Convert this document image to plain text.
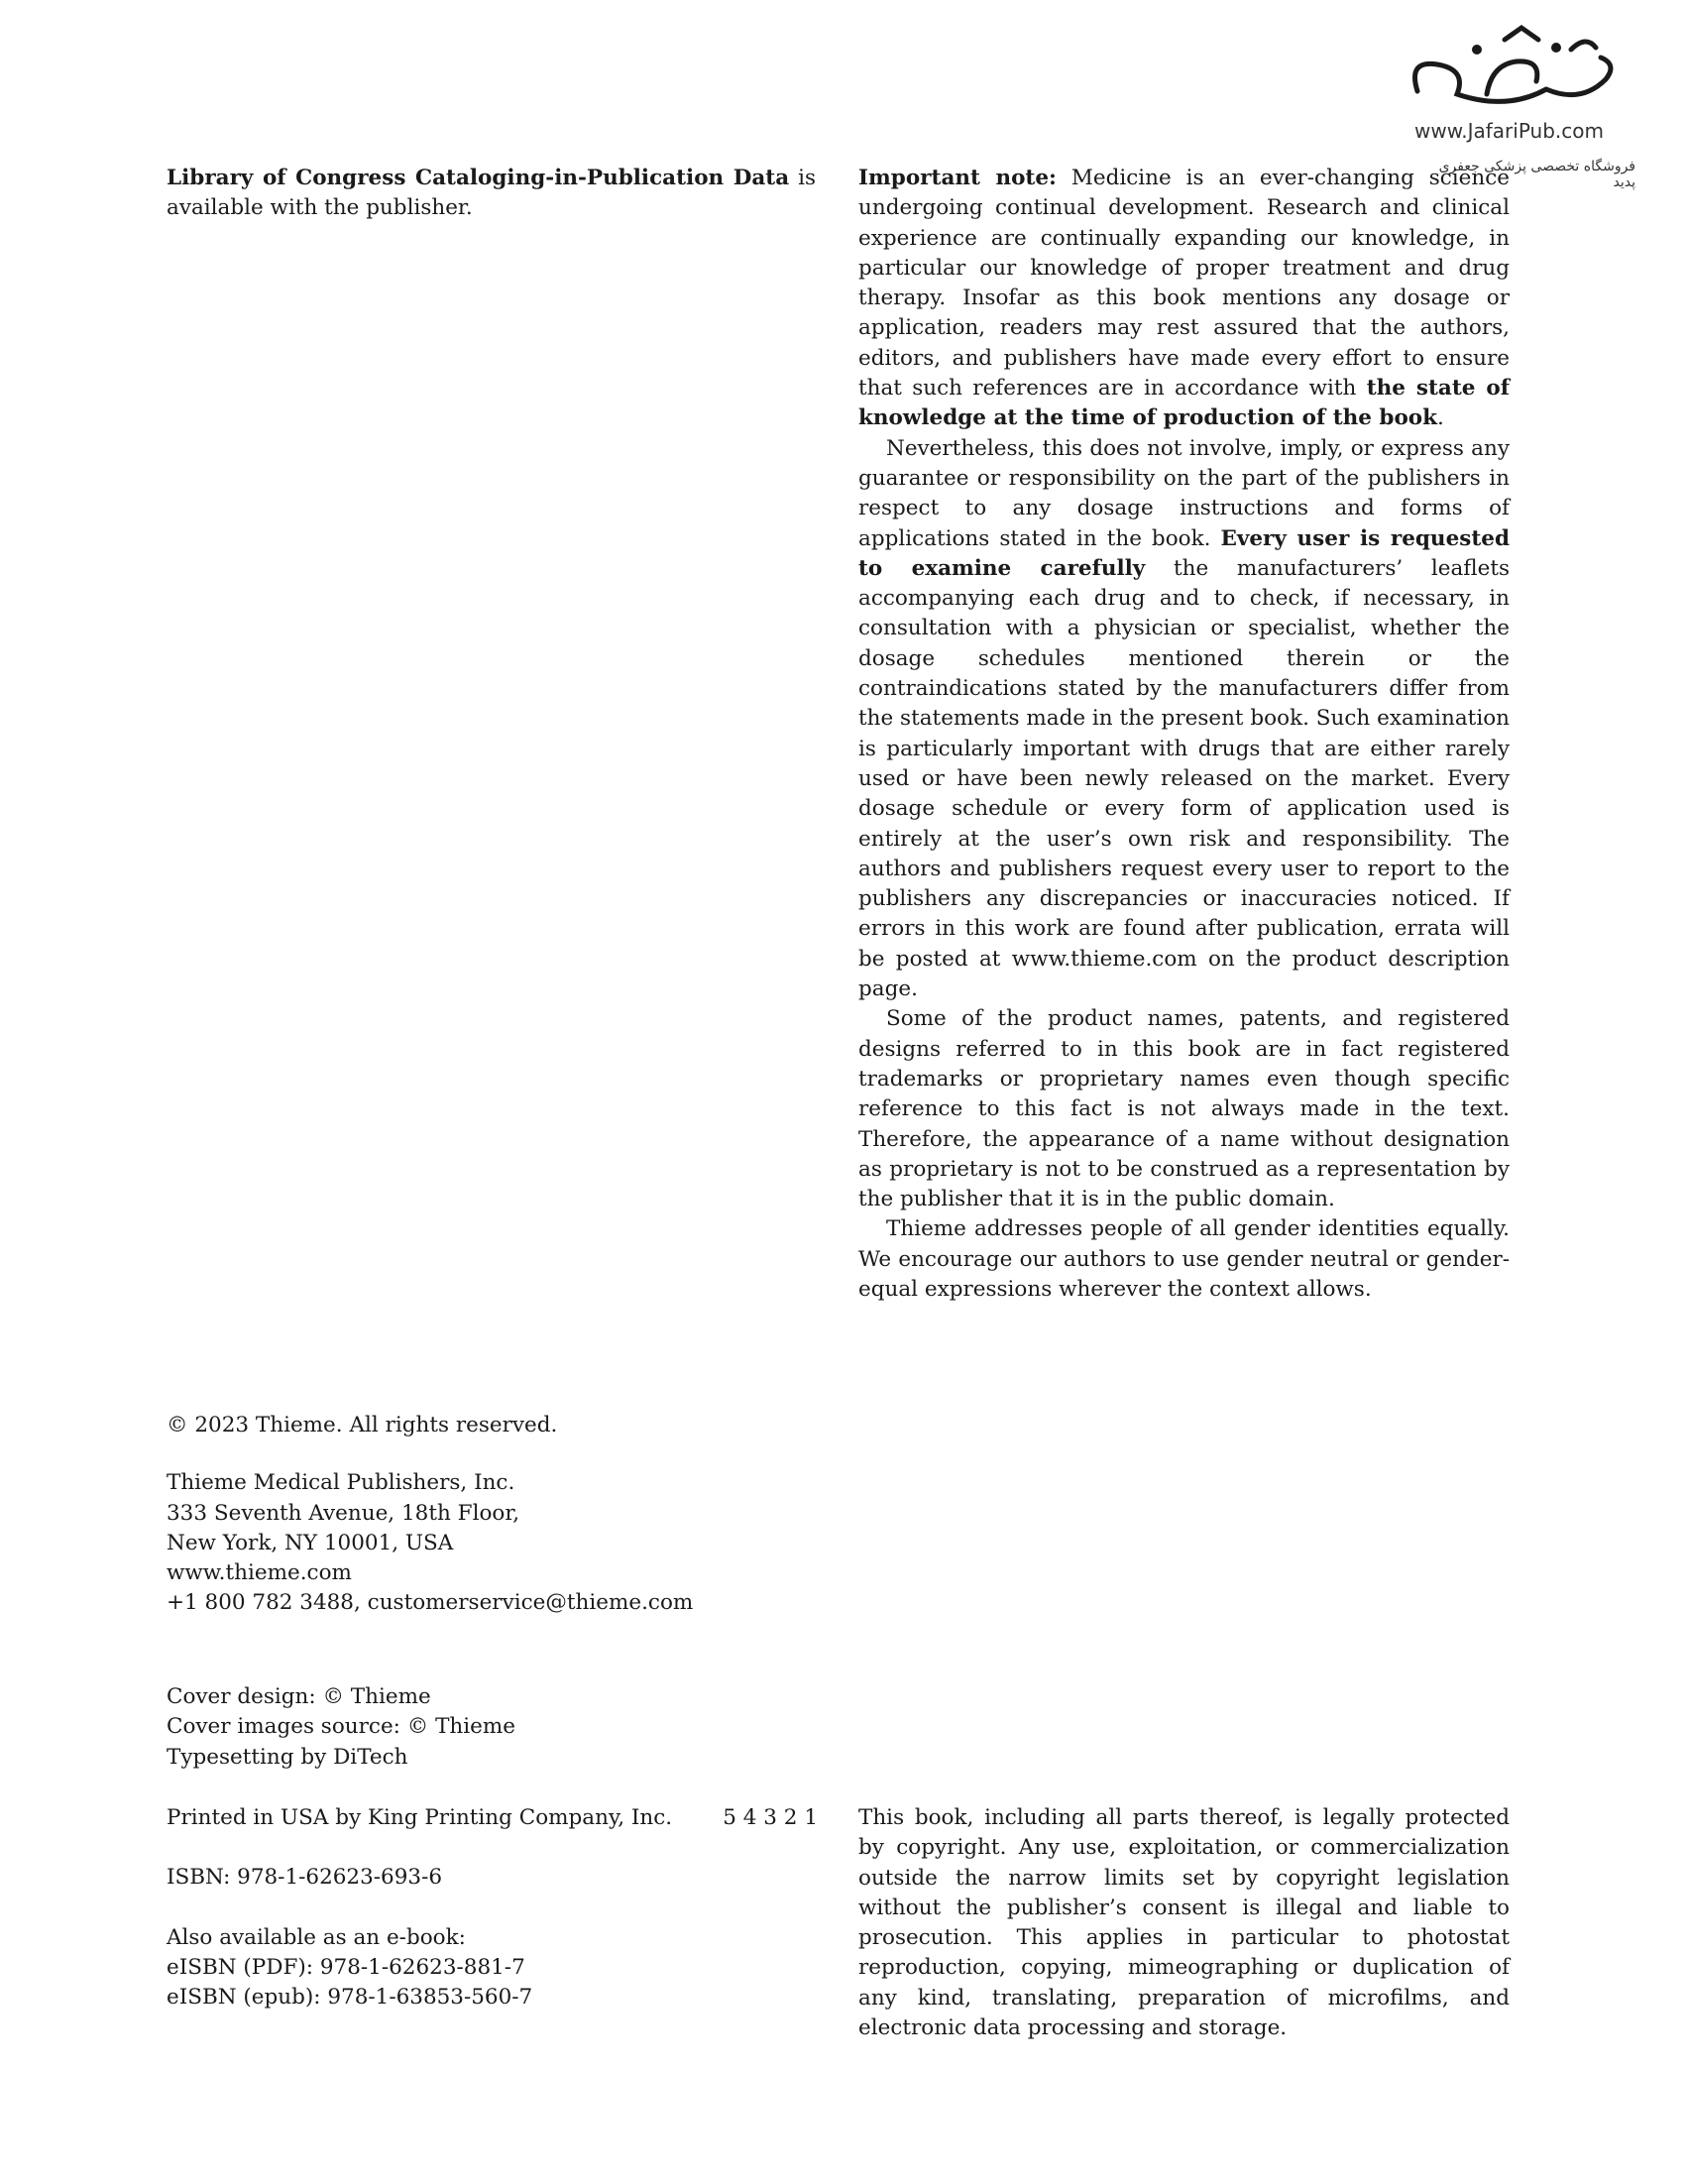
www.JafariPub.com
فروشگاه تخصصی پزشکی جعفری پدید

Library of Congress Cataloging-in-Publication Data is available with the publisher.

Important note: Medicine is an ever-changing science undergoing continual development. Research and clinical experience are continually expanding our knowledge, in particular our knowledge of proper treatment and drug therapy. Insofar as this book mentions any dosage or application, readers may rest assured that the authors, editors, and publishers have made every effort to ensure that such references are in accordance with the state of knowledge at the time of production of the book.

Nevertheless, this does not involve, imply, or express any guarantee or responsibility on the part of the publishers in respect to any dosage instructions and forms of applications stated in the book. Every user is requested to examine carefully the manufacturers’ leaflets accompanying each drug and to check, if necessary, in consultation with a physician or specialist, whether the dosage schedules mentioned therein or the contraindications stated by the manufacturers differ from the statements made in the present book. Such examination is particularly important with drugs that are either rarely used or have been newly released on the market. Every dosage schedule or every form of application used is entirely at the user’s own risk and responsibility. The authors and publishers request every user to report to the publishers any discrepancies or inaccuracies noticed. If errors in this work are found after publication, errata will be posted at www.thieme.com on the product description page.

Some of the product names, patents, and registered designs referred to in this book are in fact registered trademarks or proprietary names even though specific reference to this fact is not always made in the text. Therefore, the appearance of a name without designation as proprietary is not to be construed as a representation by the publisher that it is in the public domain.

Thieme addresses people of all gender identities equally. We encourage our authors to use gender neutral or gender- equal expressions wherever the context allows.

© 2023 Thieme. All rights reserved.
Thieme Medical Publishers, Inc.
333 Seventh Avenue, 18th Floor,
New York, NY 10001, USA
www.thieme.com
+1 800 782 3488, customerservice@thieme.com
Cover design: © Thieme
Cover images source: © Thieme
Typesetting by DiTech
Printed in USA by King Printing Company, Inc. 5 4 3 2 1
ISBN: 978-1-62623-693-6
Also available as an e-book:
eISBN (PDF): 978-1-62623-881-7
eISBN (epub): 978-1-63853-560-7

This book, including all parts thereof, is legally protected by copyright. Any use, exploitation, or commercialization outside the narrow limits set by copyright legislation without the publisher’s consent is illegal and liable to prosecution. This applies in particular to photostat reproduction, copying, mimeographing or duplication of any kind, translating, preparation of microfilms, and electronic data processing and storage.
